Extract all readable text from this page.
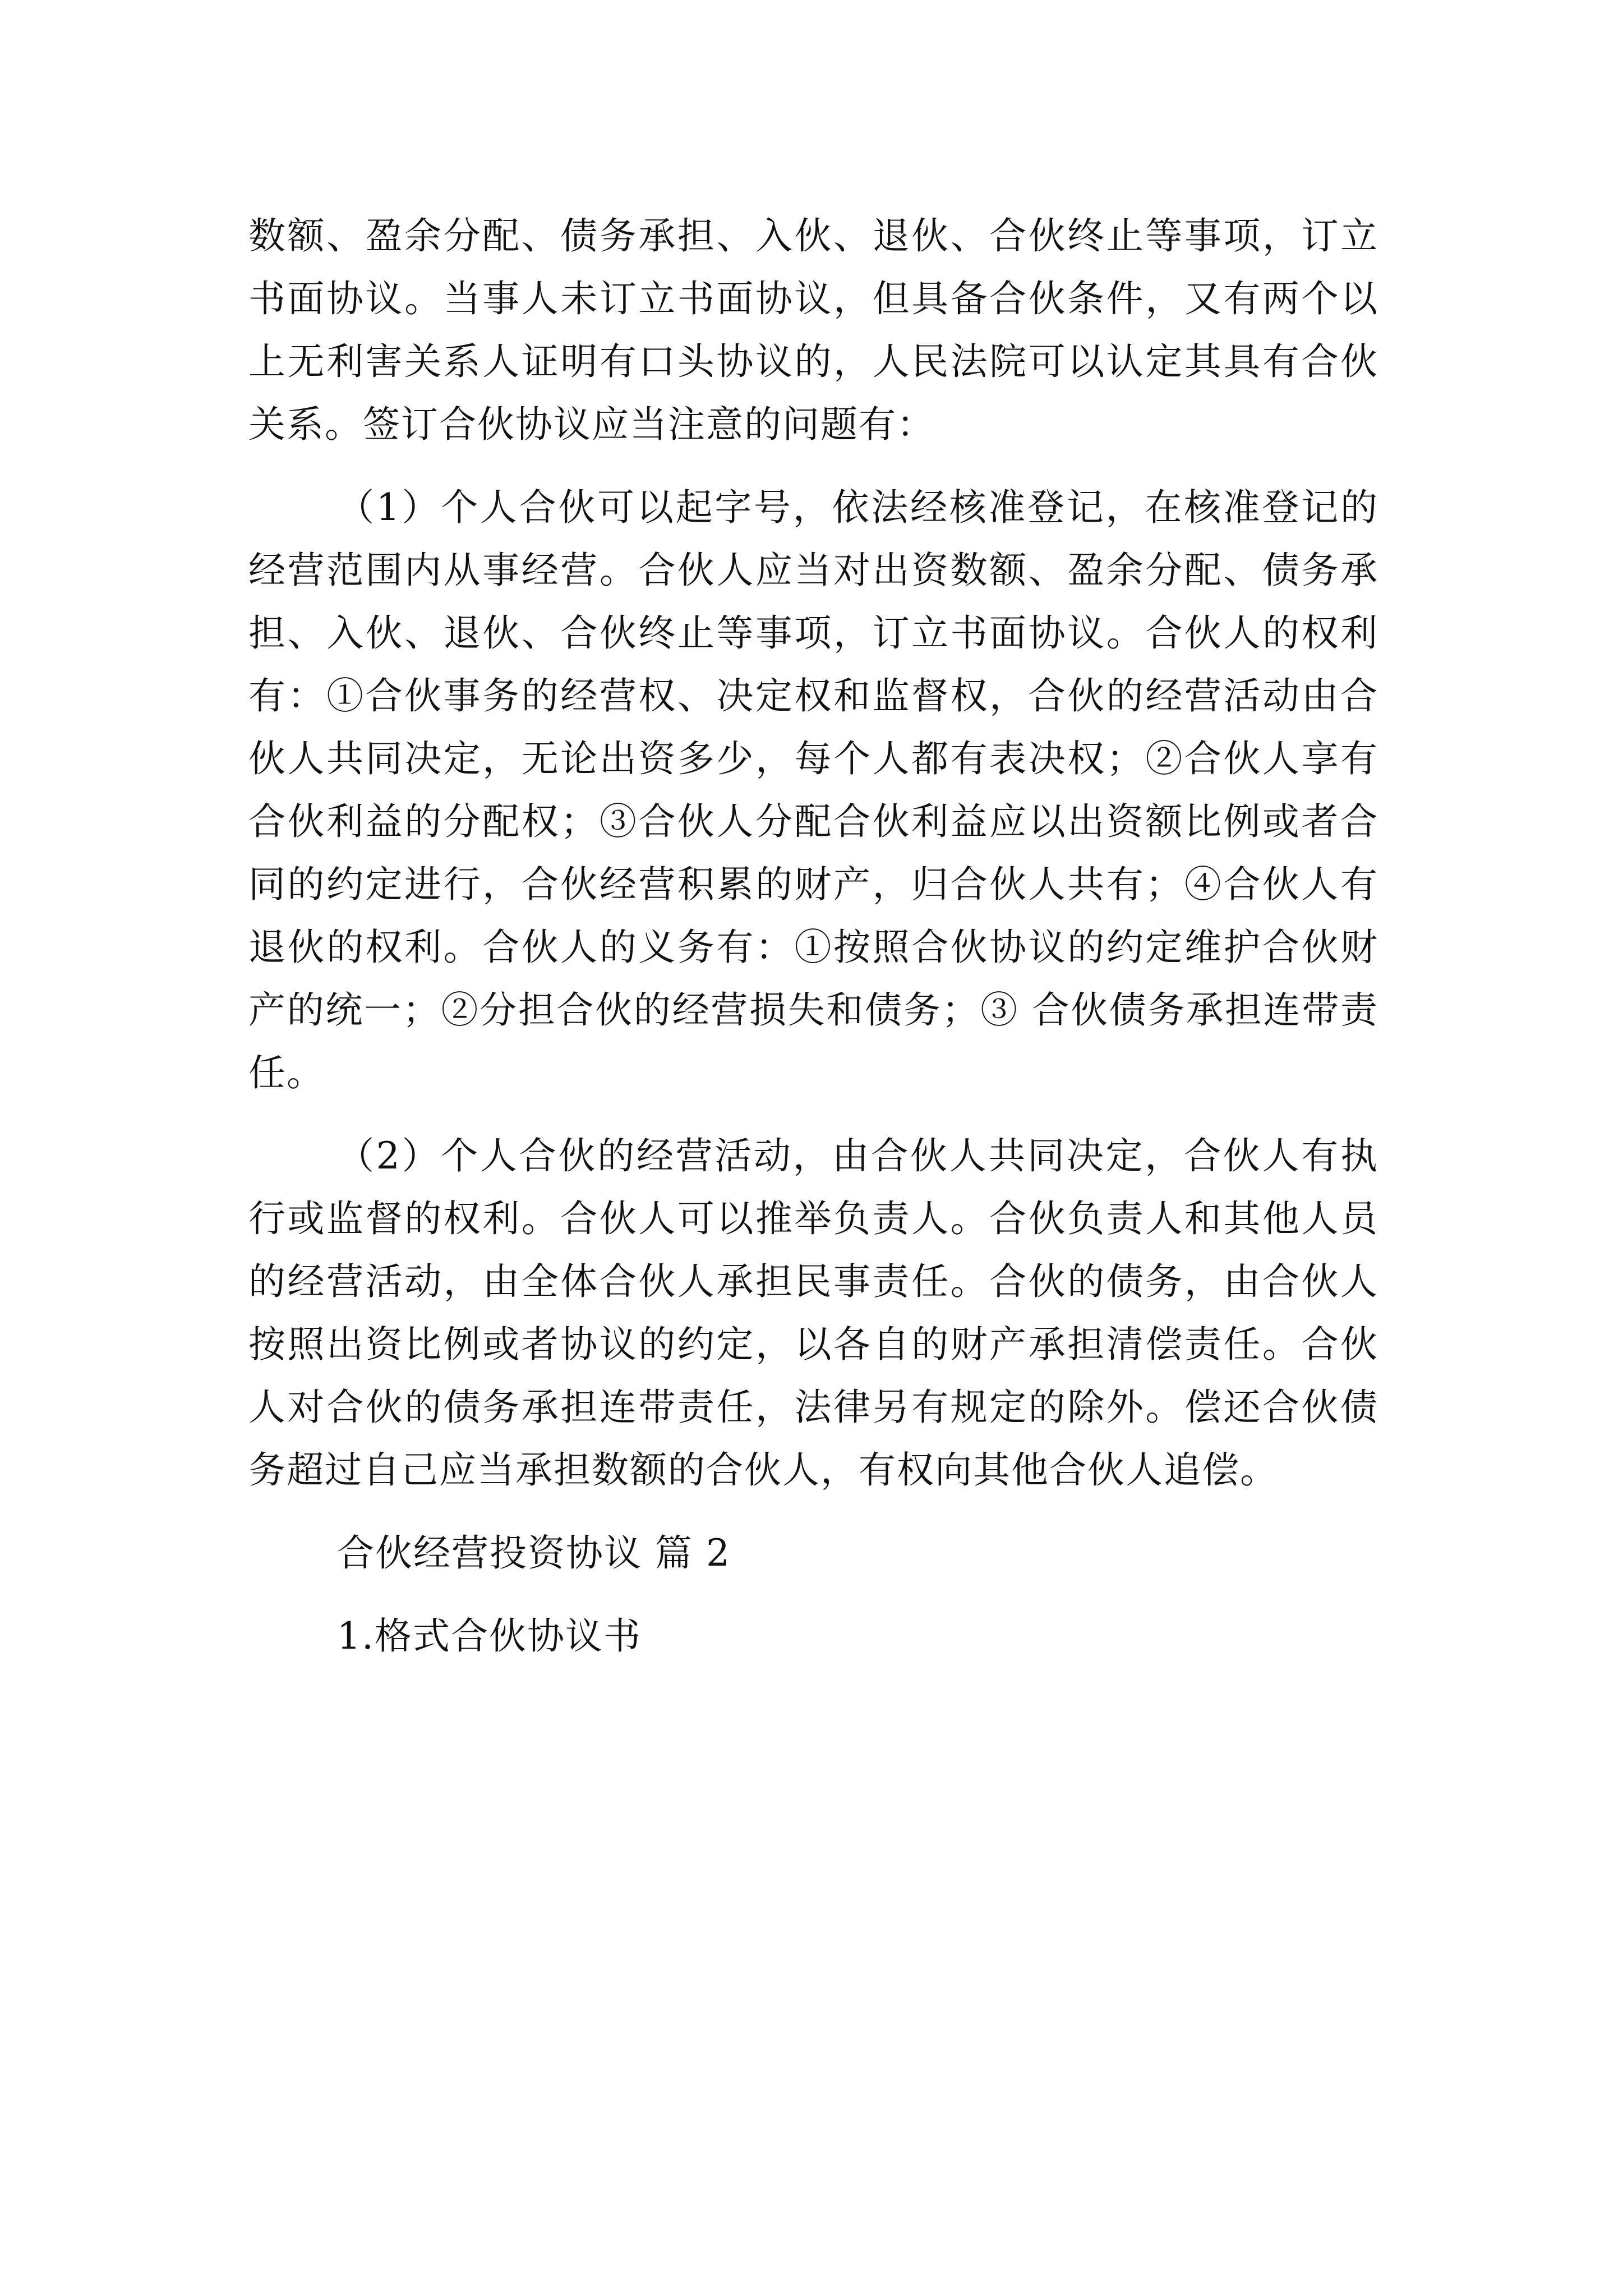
数额、盈余分配、债务承担、入伙、退伙、合伙终止等事项，订立书面协议。当事人未订立书面协议，但具备合伙条件，又有两个以上无利害关系人证明有口头协议的，人民法院可以认定其具有合伙关系。签订合伙协议应当注意的问题有：

（1）个人合伙可以起字号，依法经核准登记，在核准登记的经营范围内从事经营。合伙人应当对出资数额、盈余分配、债务承担、入伙、退伙、合伙终止等事项，订立书面协议。合伙人的权利有：①合伙事务的经营权、决定权和监督权，合伙的经营活动由合伙人共同决定，无论出资多少，每个人都有表决权；②合伙人享有合伙利益的分配权；③合伙人分配合伙利益应以出资额比例或者合同的约定进行，合伙经营积累的财产，归合伙人共有；④合伙人有退伙的权利。合伙人的义务有：①按照合伙协议的约定维护合伙财产的统一；②分担合伙的经营损失和债务；③ 合伙债务承担连带责任。

（2）个人合伙的经营活动，由合伙人共同决定，合伙人有执行或监督的权利。合伙人可以推举负责人。合伙负责人和其他人员的经营活动，由全体合伙人承担民事责任。合伙的债务，由合伙人按照出资比例或者协议的约定，以各自的财产承担清偿责任。合伙人对合伙的债务承担连带责任，法律另有规定的除外。偿还合伙债务超过自己应当承担数额的合伙人，有权向其他合伙人追偿。

合伙经营投资协议 篇 2

1.格式合伙协议书
